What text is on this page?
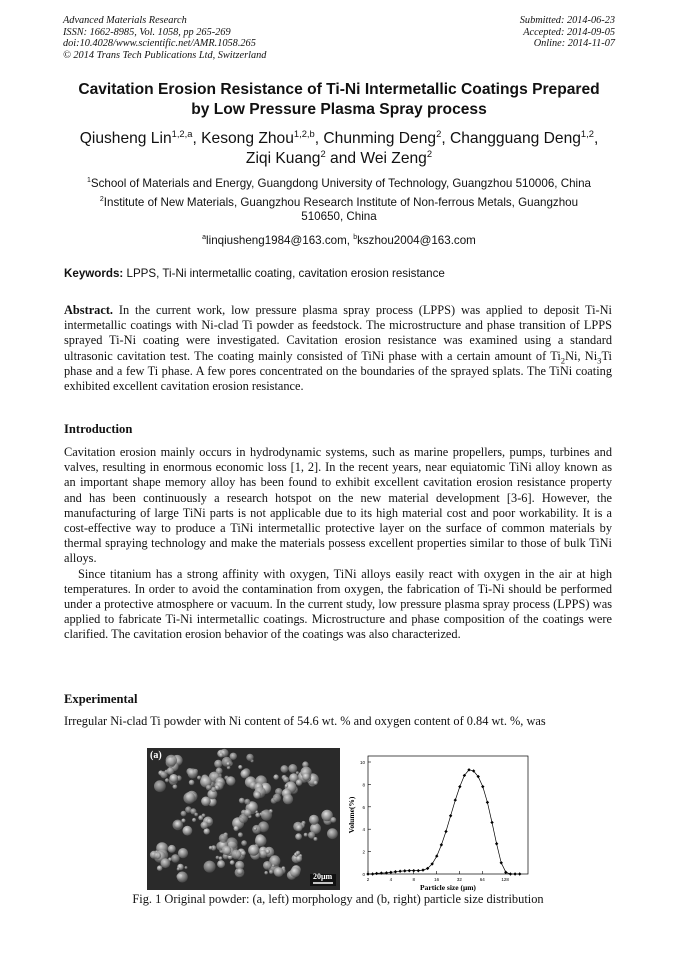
Advanced Materials Research
ISSN: 1662-8985, Vol. 1058, pp 265-269
doi:10.4028/www.scientific.net/AMR.1058.265
© 2014 Trans Tech Publications Ltd, Switzerland
Submitted: 2014-06-23
Accepted: 2014-09-05
Online: 2014-11-07
Cavitation Erosion Resistance of Ti-Ni Intermetallic Coatings Prepared
by Low Pressure Plasma Spray process
Qiusheng Lin$^{1,2,a}$, Kesong Zhou$^{1,2,b}$, Chunming Deng$^2$, Changguang Deng$^{1,2}$,
Ziqi Kuang$^2$ and Wei Zeng$^2$
$^1$School of Materials and Energy, Guangdong University of Technology, Guangzhou 510006, China
$^2$Institute of New Materials, Guangzhou Research Institute of Non-ferrous Metals, Guangzhou
510650, China
$^a$linqiusheng1984@163.com, $^b$kszhou2004@163.com
Keywords: LPPS, Ti-Ni intermetallic coating, cavitation erosion resistance
Abstract. In the current work, low pressure plasma spray process (LPPS) was applied to deposit Ti-Ni intermetallic coatings with Ni-clad Ti powder as feedstock. The microstructure and phase transition of LPPS sprayed Ti-Ni coating were investigated. Cavitation erosion resistance was examined using a standard ultrasonic cavitation test. The coating mainly consisted of TiNi phase with a certain amount of $Ti_2Ni$, $Ni_3Ti$ phase and a few Ti phase. A few pores concentrated on the boundaries of the sprayed splats. The TiNi coating exhibited excellent cavitation erosion resistance.
Introduction
Cavitation erosion mainly occurs in hydrodynamic systems, such as marine propellers, pumps, turbines and valves, resulting in enormous economic loss [1, 2]. In the recent years, near equiatomic TiNi alloy known as an important shape memory alloy has been found to exhibit excellent cavitation erosion resistance property and has been continuously a research hotspot on the new material development [3-6]. However, the manufacturing of large TiNi parts is not applicable due to its high material cost and poor workability. It is a cost-effective way to produce a TiNi intermetallic protective layer on the surface of common materials by thermal spraying technology and make the materials possess excellent properties similar to those of bulk TiNi alloys.
Since titanium has a strong affinity with oxygen, TiNi alloys easily react with oxygen in the air at high temperatures. In order to avoid the contamination from oxygen, the fabrication of Ti-Ni should be performed under a protective atmosphere or vacuum. In the current study, low pressure plasma spray process (LPPS) was applied to fabricate Ti-Ni intermetallic coatings. Microstructure and phase composition of the coatings were clarified. The cavitation erosion behavior of the coatings was also characterized.
Experimental
Irregular Ni-clad Ti powder with Ni content of 54.6 wt. % and oxygen content of 0.84 wt. %, was
(a)
20μm	0
2
4
6
8
10
2	4	8	16	32	64	128
Particle size (μm)
Volume(%)
Fig. 1 Original powder: (a, left) morphology and (b, right) particle size distribution
